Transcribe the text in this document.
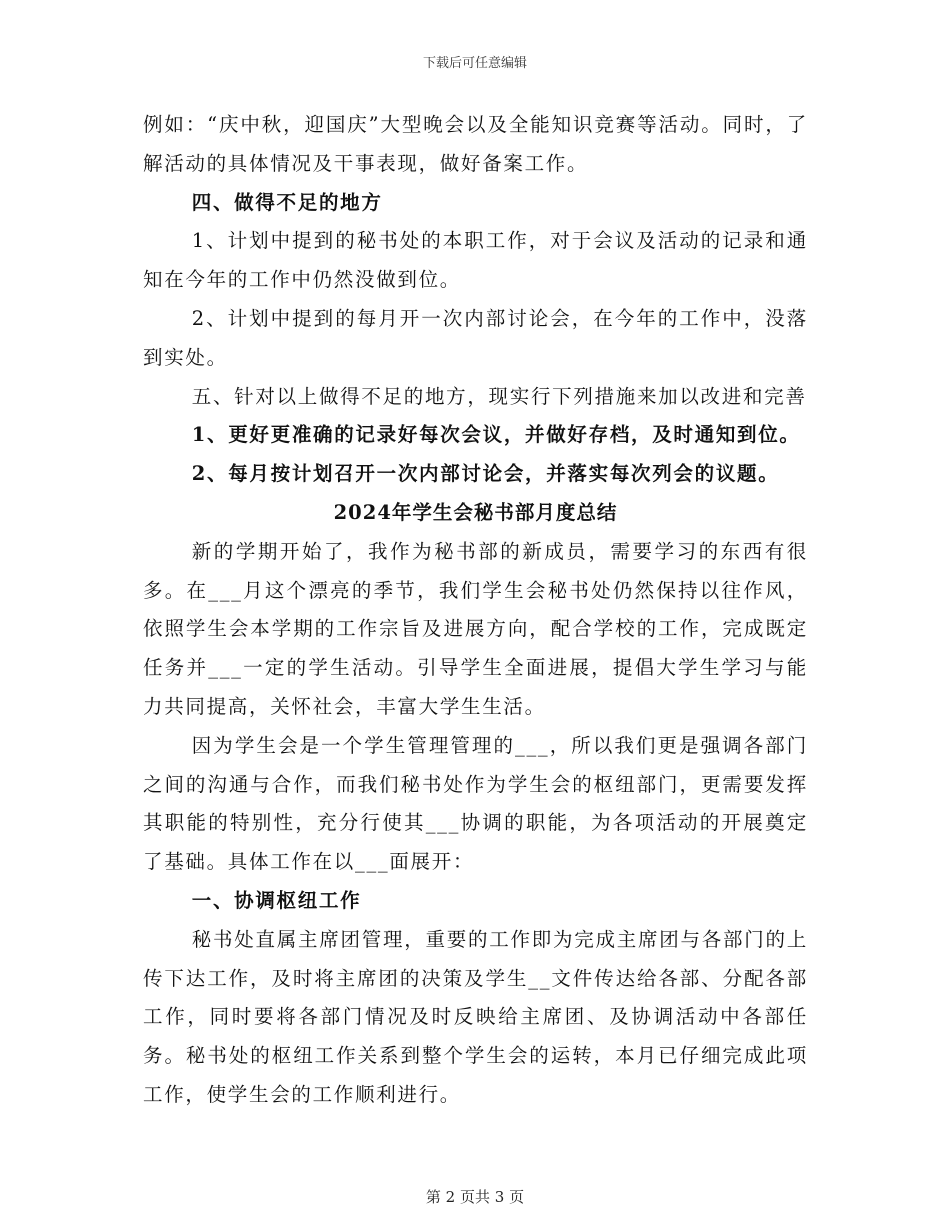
下载后可任意编辑

例如：“庆中秋，迎国庆”大型晚会以及全能知识竞赛等活动。同时，了解活动的具体情况及干事表现，做好备案工作。

四、做得不足的地方

1、计划中提到的秘书处的本职工作，对于会议及活动的记录和通知在今年的工作中仍然没做到位。

2、计划中提到的每月开一次内部讨论会，在今年的工作中，没落到实处。

五、针对以上做得不足的地方，现实行下列措施来加以改进和完善

1、更好更准确的记录好每次会议，并做好存档，及时通知到位。

2、每月按计划召开一次内部讨论会，并落实每次列会的议题。

2024年学生会秘书部月度总结

新的学期开始了，我作为秘书部的新成员，需要学习的东西有很多。在___月这个漂亮的季节，我们学生会秘书处仍然保持以往作风，依照学生会本学期的工作宗旨及进展方向，配合学校的工作，完成既定任务并___一定的学生活动。引导学生全面进展，提倡大学生学习与能力共同提高，关怀社会，丰富大学生生活。

因为学生会是一个学生管理管理的___，所以我们更是强调各部门之间的沟通与合作，而我们秘书处作为学生会的枢纽部门，更需要发挥其职能的特别性，充分行使其___协调的职能，为各项活动的开展奠定了基础。具体工作在以___面展开：

一、协调枢纽工作

秘书处直属主席团管理，重要的工作即为完成主席团与各部门的上传下达工作，及时将主席团的决策及学生__文件传达给各部、分配各部工作，同时要将各部门情况及时反映给主席团、及协调活动中各部任务。秘书处的枢纽工作关系到整个学生会的运转，本月已仔细完成此项工作，使学生会的工作顺利进行。

第 2 页共 3 页
